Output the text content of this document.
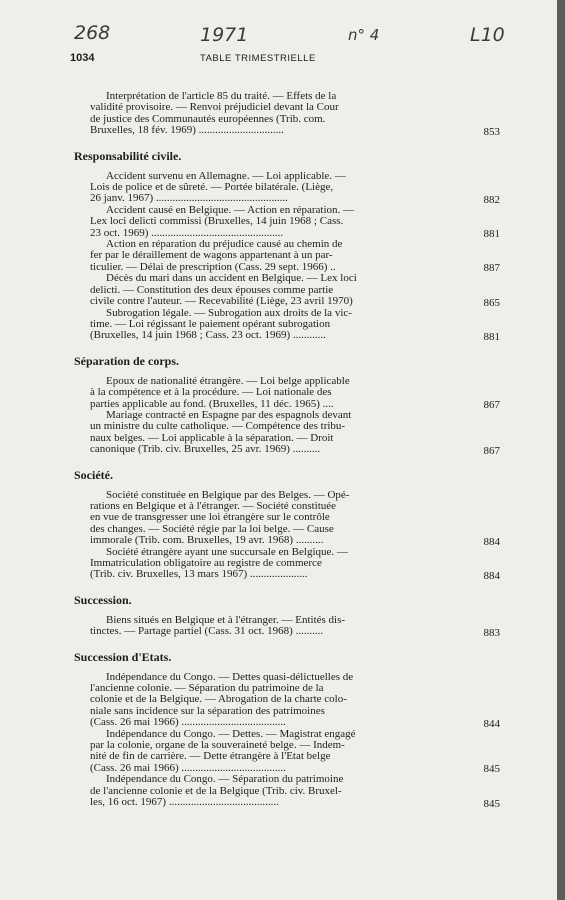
268	1971	n° 4	L10
1034	TABLE TRIMESTRIELLE
Interprétation de l'article 85 du traité. — Effets de la
validité provisoire. — Renvoi préjudiciel devant la Cour
de justice des Communautés européennes (Trib. com.
Bruxelles, 18 fév. 1969) ...............................	853
Responsabilité civile.
Accident survenu en Allemagne. — Loi applicable. —
Lois de police et de sûreté. — Portée bilatérale. (Liège,
26 janv. 1967) ................................................	882
Accident causé en Belgique. — Action en réparation. —
Lex loci delicti commissi (Bruxelles, 14 juin 1968 ; Cass.
23 oct. 1969) ................................................	881
Action en réparation du préjudice causé au chemin de
fer par le déraillement de wagons appartenant à un par-
ticulier. — Délai de prescription (Cass. 29 sept. 1966) ..	887
Décès du mari dans un accident en Belgique. — Lex loci
delicti. — Constitution des deux épouses comme partie
civile contre l'auteur. — Recevabilité (Liège, 23 avril 1970)	865
Subrogation légale. — Subrogation aux droits de la vic-
time. — Loi régissant le paiement opérant subrogation
(Bruxelles, 14 juin 1968 ; Cass. 23 oct. 1969) ............	881
Séparation de corps.
Epoux de nationalité étrangère. — Loi belge applicable
à la compétence et à la procédure. — Loi nationale des
parties applicable au fond. (Bruxelles, 11 déc. 1965) ....	867
Mariage contracté en Espagne par des espagnols devant
un ministre du culte catholique. — Compétence des tribu-
naux belges. — Loi applicable à la séparation. — Droit
canonique (Trib. civ. Bruxelles, 25 avr. 1969) ..........	867
Société.
Société constituée en Belgique par des Belges. — Opé-
rations en Belgique et à l'étranger. — Société constituée
en vue de transgresser une loi étrangère sur le contrôle
des changes. — Société régie par la loi belge. — Cause
immorale (Trib. com. Bruxelles, 19 avr. 1968) ..........	884
Société étrangère ayant une succursale en Belgique. —
Immatriculation obligatoire au registre de commerce
(Trib. civ. Bruxelles, 13 mars 1967) .....................	884
Succession.
Biens situés en Belgique et à l'étranger. — Entités dis-
tinctes. — Partage partiel (Cass. 31 oct. 1968) ..........	883
Succession d'Etats.
Indépendance du Congo. — Dettes quasi-délictuelles de
l'ancienne colonie. — Séparation du patrimoine de la
colonie et de la Belgique. — Abrogation de la charte colo-
niale sans incidence sur la séparation des patrimoines
(Cass. 26 mai 1966) ......................................	844
Indépendance du Congo. — Dettes. — Magistrat engagé
par la colonie, organe de la souveraineté belge. — Indem-
nité de fin de carrière. — Dette étrangère à l'Etat belge
(Cass. 26 mai 1966) ......................................	845
Indépendance du Congo. — Séparation du patrimoine
de l'ancienne colonie et de la Belgique (Trib. civ. Bruxel-
les, 16 oct. 1967) ........................................	845
